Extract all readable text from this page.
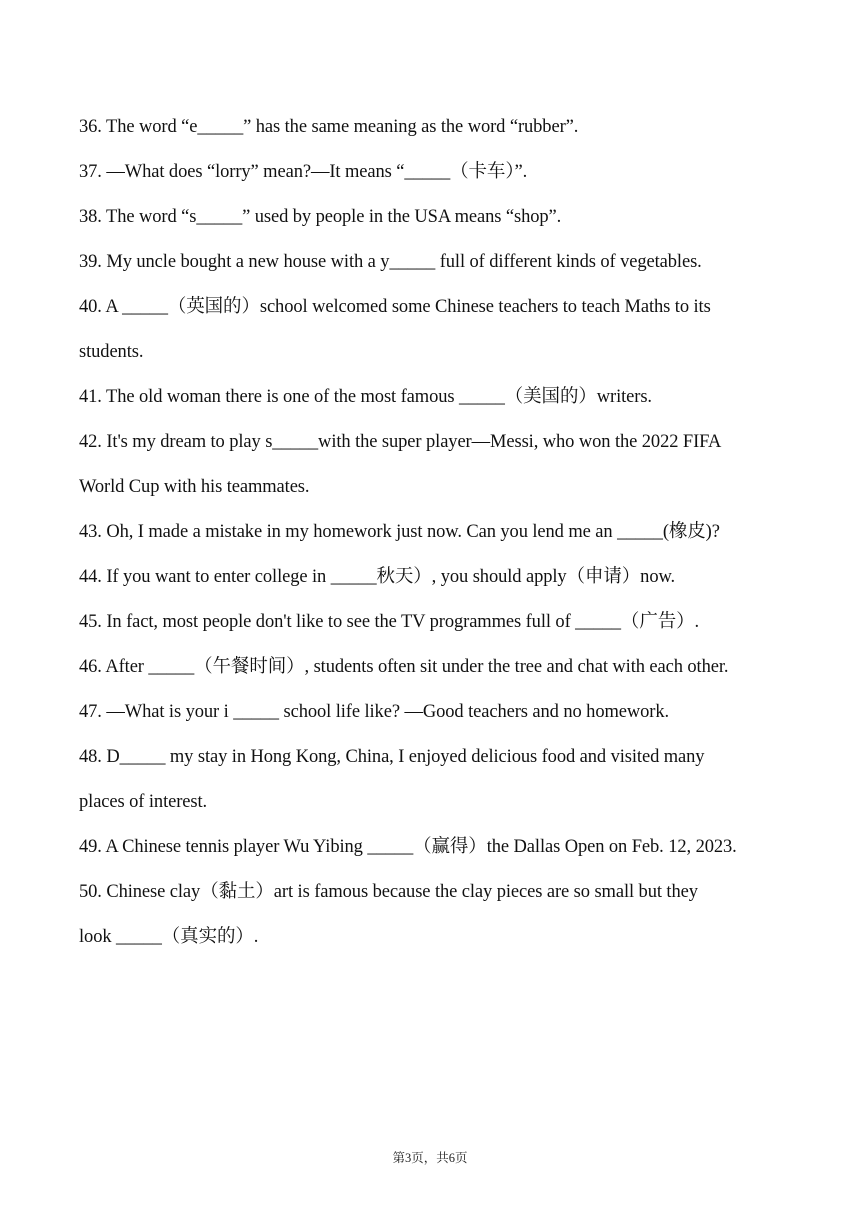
36. The word “e_____” has the same meaning as the word “rubber”.
37. —What does “lorry” mean?—It means “_____（卡车）”.
38. The word “s_____” used by people in the USA means “shop”.
39. My uncle bought a new house with a y_____ full of different kinds of vegetables.
40. A _____（英国的）school welcomed some Chinese teachers to teach Maths to its
students.
41. The old woman there is one of the most famous _____（美国的）writers.
42. It's my dream to play s_____with the super player—Messi, who won the 2022 FIFA
World Cup with his teammates.
43. Oh, I made a mistake in my homework just now. Can you lend me an _____(橡皮)?
44. If you want to enter college in _____秋天）, you should apply（申请）now.
45. In fact, most people don't like to see the TV programmes full of _____（广告）.
46. After _____（午餐时间）, students often sit under the tree and chat with each other.
47. —What is your i _____ school life like? —Good teachers and no homework.
48. D_____ my stay in Hong Kong, China, I enjoyed delicious food and visited many
places of interest.
49. A Chinese tennis player Wu Yibing _____（赢得）the Dallas Open on Feb. 12, 2023.
50. Chinese clay（黏土）art is famous because the clay pieces are so small but they
look _____（真实的）.
第3页，共6页
